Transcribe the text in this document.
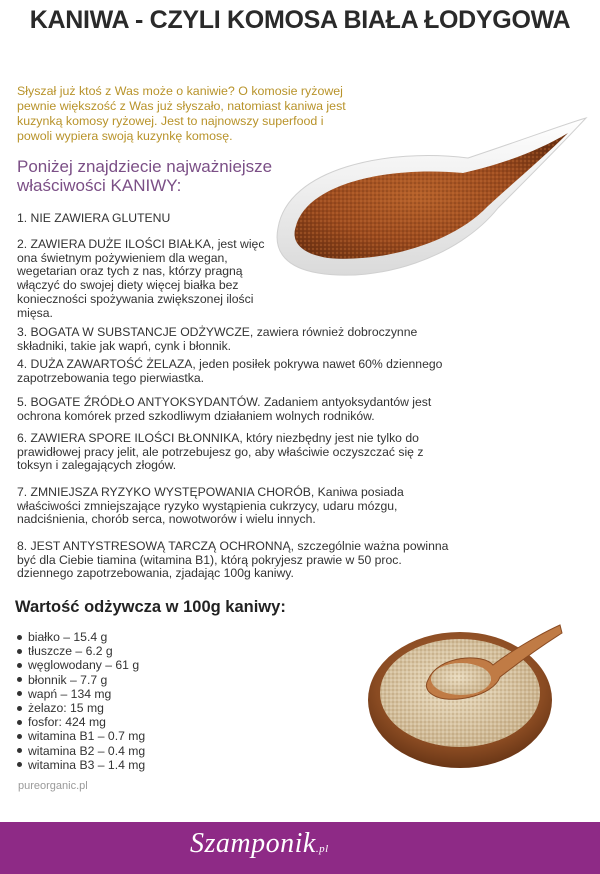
KANIWA - CZYLI KOMOSA BIAŁA ŁODYGOWA
Słyszał już ktoś z Was może o kaniwie? O komosie ryżowej
pewnie większość z Was już słyszało, natomiast kaniwa jest
kuzynką komosy ryżowej. Jest to najnowszy superfood i
powoli wypiera swoją kuzynkę komosę.
Poniżej znajdziecie najważniejsze
właściwości KANIWY:
1. NIE ZAWIERA GLUTENU
2. ZAWIERA DUŻE ILOŚCI BIAŁKA, jest więc
ona świetnym pożywieniem dla wegan,
wegetarian oraz tych z nas, którzy pragną
włączyć do swojej diety więcej białka bez
konieczności spożywania zwiększonej ilości
mięsa.
3. BOGATA W SUBSTANCJE ODŻYWCZE, zawiera również dobroczynne
składniki, takie jak wapń, cynk i błonnik.
4. DUŻA ZAWARTOŚĆ ŻELAZA, jeden posiłek pokrywa nawet 60% dziennego
zapotrzebowania tego pierwiastka.
5. BOGATE ŹRÓDŁO ANTYOKSYDANTÓW. Zadaniem antyoksydantów jest
ochrona komórek przed szkodliwym działaniem wolnych rodników.
6. ZAWIERA SPORE ILOŚCI BŁONNIKA, który niezbędny jest nie tylko do
prawidłowej pracy jelit, ale potrzebujesz go, aby właściwie oczyszczać się z
toksyn i zalegających złogów.
7. ZMNIEJSZA RYZYKO WYSTĘPOWANIA CHORÓB, Kaniwa posiada
właściwości zmniejszające ryzyko wystąpienia cukrzycy, udaru mózgu,
nadciśnienia, chorób serca, nowotworów i wielu innych.
8. JEST ANTYSTRESOWĄ TARCZĄ OCHRONNĄ, szczególnie ważna powinna
być dla Ciebie tiamina (witamina B1), którą pokryjesz prawie w 50 proc.
dziennego zapotrzebowania, zjadając 100g kaniwy.
Wartość odżywcza w 100g kaniwy:
białko – 15.4 g
tłuszcze – 6.2 g
węglowodany – 61 g
błonnik – 7.7 g
wapń – 134 mg
żelazo: 15 mg
fosfor: 424 mg
witamina B1 – 0.7 mg
witamina B2 – 0.4 mg
witamina B3 – 1.4 mg
pureorganic.pl
Szamponik.pl
